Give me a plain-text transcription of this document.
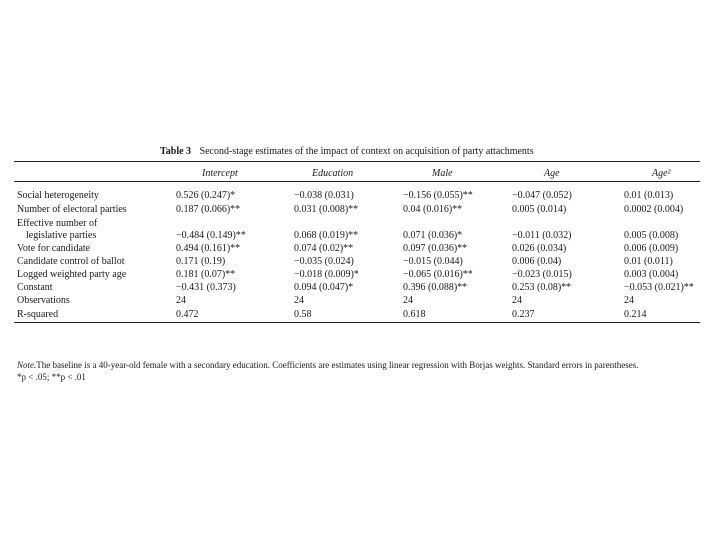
Table 3 Second-stage estimates of the impact of context on acquisition of party attachments
Intercept	Education	Male	Age	Age²
Social heterogeneity	0.526 (0.247)*	−0.038 (0.031)	−0.156 (0.055)**	−0.047 (0.052)	0.01 (0.013)
Number of electoral parties	0.187 (0.066)**	0.031 (0.008)**	0.04 (0.016)**	0.005 (0.014)	0.0002 (0.004)
Effective number of
legislative parties	−0.484 (0.149)**	0.068 (0.019)**	0.071 (0.036)*	−0.011 (0.032)	0.005 (0.008)
Vote for candidate	0.494 (0.161)**	0.074 (0.02)**	0.097 (0.036)**	0.026 (0.034)	0.006 (0.009)
Candidate control of ballot	0.171 (0.19)	−0.035 (0.024)	−0.015 (0.044)	0.006 (0.04)	0.01 (0.011)
Logged weighted party age	0.181 (0.07)**	−0.018 (0.009)*	−0.065 (0.016)**	−0.023 (0.015)	0.003 (0.004)
Constant	−0.431 (0.373)	0.094 (0.047)*	0.396 (0.088)**	0.253 (0.08)**	−0.053 (0.021)**
Observations	24	24	24	24	24
R-squared	0.472	0.58	0.618	0.237	0.214
Note.The baseline is a 40-year-old female with a secondary education. Coefficients are estimates using linear regression with Borjas weights. Standard errors in parentheses.
*p < .05; **p < .01
